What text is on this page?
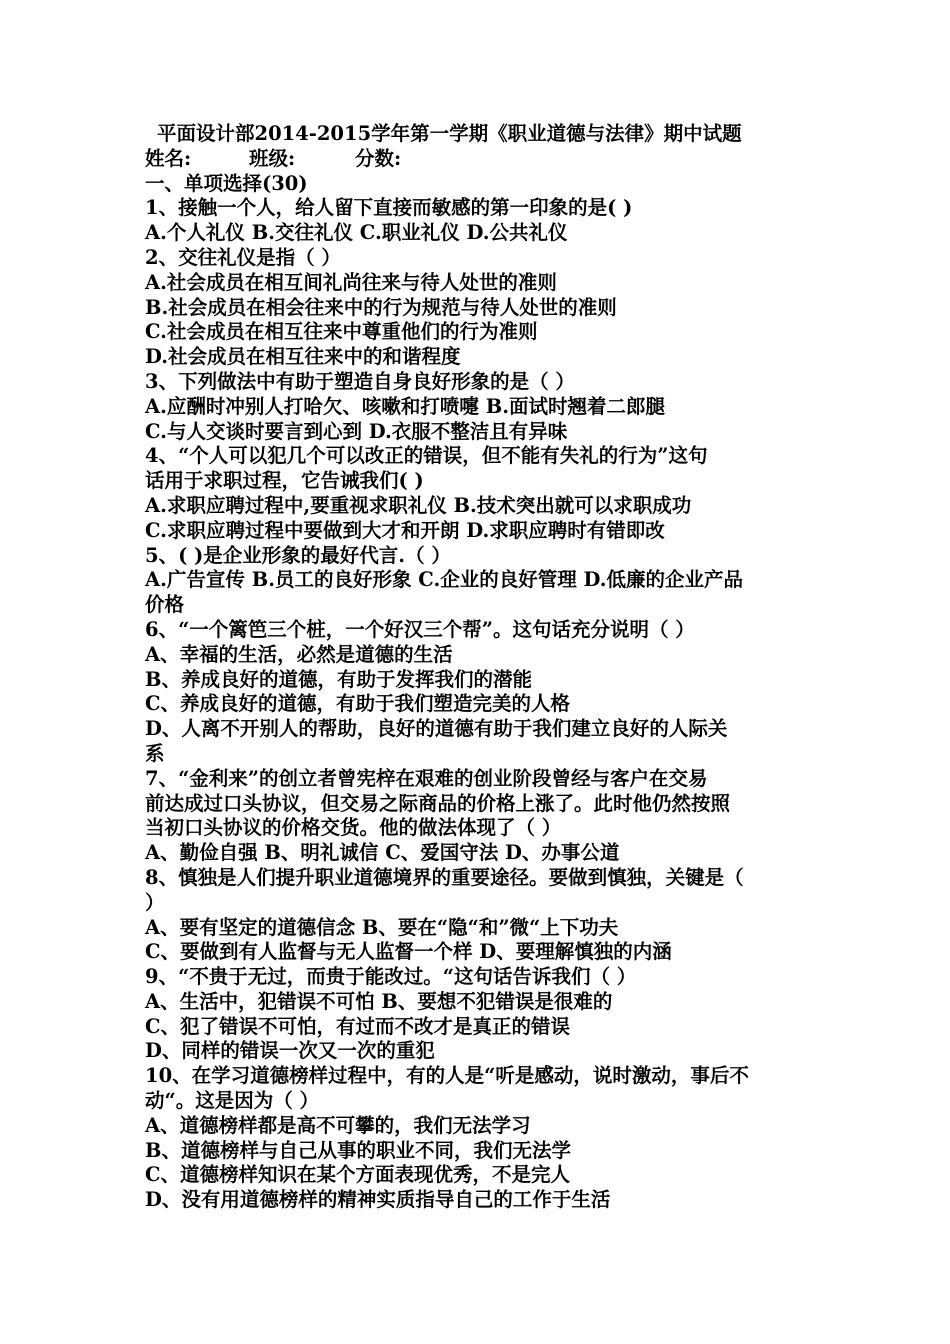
平面设计部2014-2015学年第一学期《职业道德与法律》期中试题
姓名:	班级:	分数:
一、单项选择(30)
1、接触一个人，给人留下直接而敏感的第一印象的是( )
A.个人礼仪 B.交往礼仪 C.职业礼仪 D.公共礼仪
2、交往礼仪是指（ ）
A.社会成员在相互间礼尚往来与待人处世的准则
B.社会成员在相会往来中的行为规范与待人处世的准则
C.社会成员在相互往来中尊重他们的行为准则
D.社会成员在相互往来中的和谐程度
3、下列做法中有助于塑造自身良好形象的是（ ）
A.应酬时冲别人打哈欠、咳嗽和打喷嚏 B.面试时翘着二郎腿
C.与人交谈时要言到心到 D.衣服不整洁且有异味
4、“个人可以犯几个可以改正的错误，但不能有失礼的行为”这句
话用于求职过程，它告诫我们( )
A.求职应聘过程中,要重视求职礼仪 B.技术突出就可以求职成功
C.求职应聘过程中要做到大才和开朗 D.求职应聘时有错即改
5、( )是企业形象的最好代言.（ ）
A.广告宣传 B.员工的良好形象 C.企业的良好管理 D.低廉的企业产品
价格
6、“一个篱笆三个桩，一个好汉三个帮”。这句话充分说明（ ）
A、幸福的生活，必然是道德的生活
B、养成良好的道德，有助于发挥我们的潜能
C、养成良好的道德，有助于我们塑造完美的人格
D、人离不开别人的帮助，良好的道德有助于我们建立良好的人际关
系
7、“金利来”的创立者曾宪梓在艰难的创业阶段曾经与客户在交易
前达成过口头协议，但交易之际商品的价格上涨了。此时他仍然按照
当初口头协议的价格交货。他的做法体现了（ ）
A、勤俭自强 B、明礼诚信 C、爱国守法 D、办事公道
8、慎独是人们提升职业道德境界的重要途径。要做到慎独，关键是（
）
A、要有坚定的道德信念 B、要在“隐“和”微“上下功夫
C、要做到有人监督与无人监督一个样 D、要理解慎独的内涵
9、“不贵于无过，而贵于能改过。“这句话告诉我们（ ）
A、生活中，犯错误不可怕 B、要想不犯错误是很难的
C、犯了错误不可怕，有过而不改才是真正的错误
D、同样的错误一次又一次的重犯
10、在学习道德榜样过程中，有的人是“听是感动，说时激动，事后不
动“。这是因为（ ）
A、道德榜样都是高不可攀的，我们无法学习
B、道德榜样与自己从事的职业不同，我们无法学
C、道德榜样知识在某个方面表现优秀，不是完人
D、没有用道德榜样的精神实质指导自己的工作于生活
